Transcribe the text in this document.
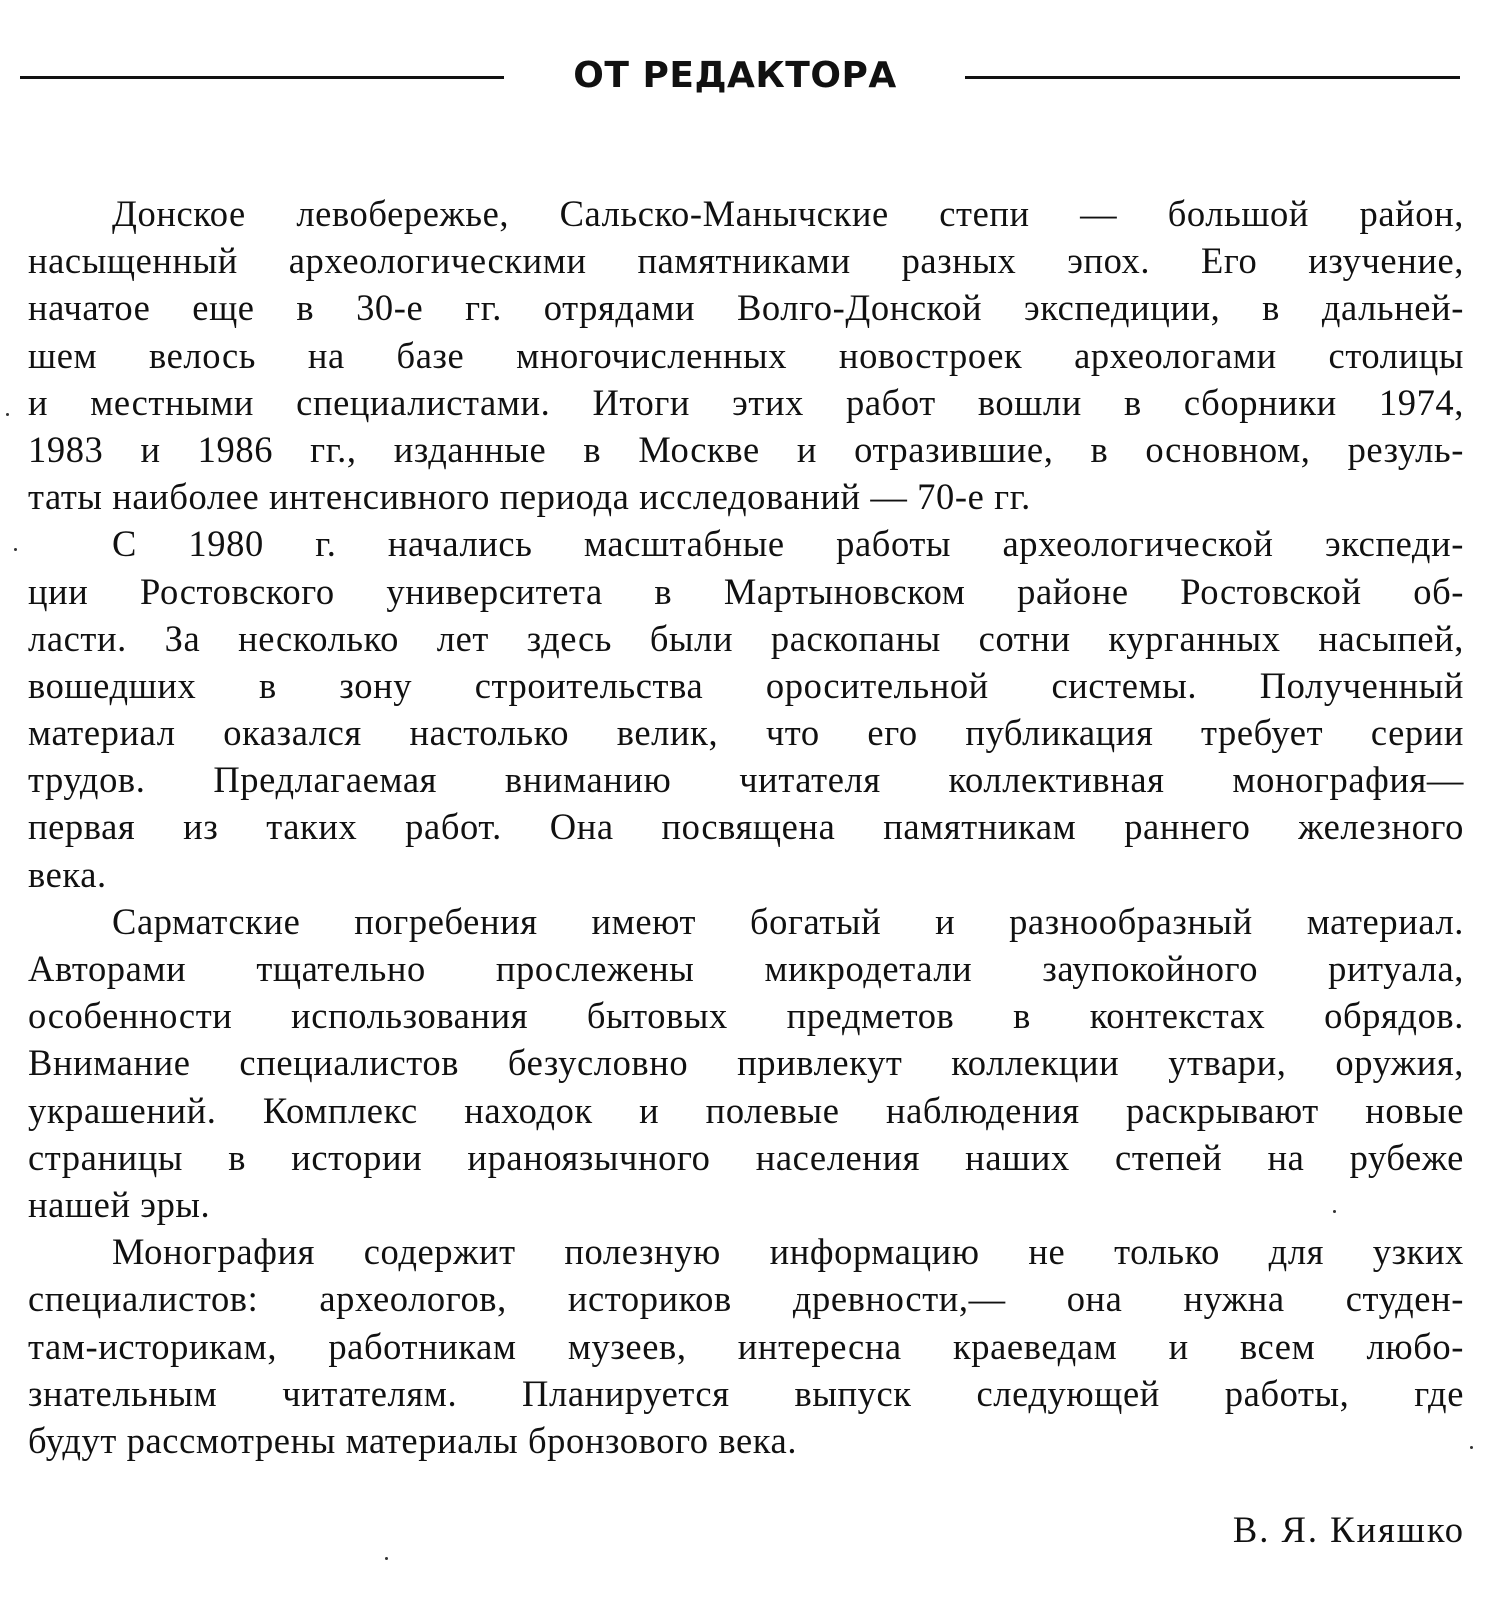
ОТ РЕДАКТОРА
Донское левобережье, Сальско-Манычские степи — большой район,
насыщенный археологическими памятниками разных эпох. Его изучение,
начатое еще в 30-е гг. отрядами Волго-Донской экспедиции, в дальней-
шем велось на базе многочисленных новостроек археологами столицы
и местными специалистами. Итоги этих работ вошли в сборники 1974,
1983 и 1986 гг., изданные в Москве и отразившие, в основном, резуль-
таты наиболее интенсивного периода исследований — 70-е гг.
С 1980 г. начались масштабные работы археологической экспеди-
ции Ростовского университета в Мартыновском районе Ростовской об-
ласти. За несколько лет здесь были раскопаны сотни курганных насыпей,
вошедших в зону строительства оросительной системы. Полученный
материал оказался настолько велик, что его публикация требует серии
трудов. Предлагаемая вниманию читателя коллективная монография—
первая из таких работ. Она посвящена памятникам раннего железного
века.
Сарматские погребения имеют богатый и разнообразный материал.
Авторами тщательно прослежены микродетали заупокойного ритуала,
особенности использования бытовых предметов в контекстах обрядов.
Внимание специалистов безусловно привлекут коллекции утвари, оружия,
украшений. Комплекс находок и полевые наблюдения раскрывают новые
страницы в истории ираноязычного населения наших степей на рубеже
нашей эры.
Монография содержит полезную информацию не только для узких
специалистов: археологов, историков древности,— она нужна студен-
там-историкам, работникам музеев, интересна краеведам и всем любо-
знательным читателям. Планируется выпуск следующей работы, где
будут рассмотрены материалы бронзового века.
В. Я. Кияшко
